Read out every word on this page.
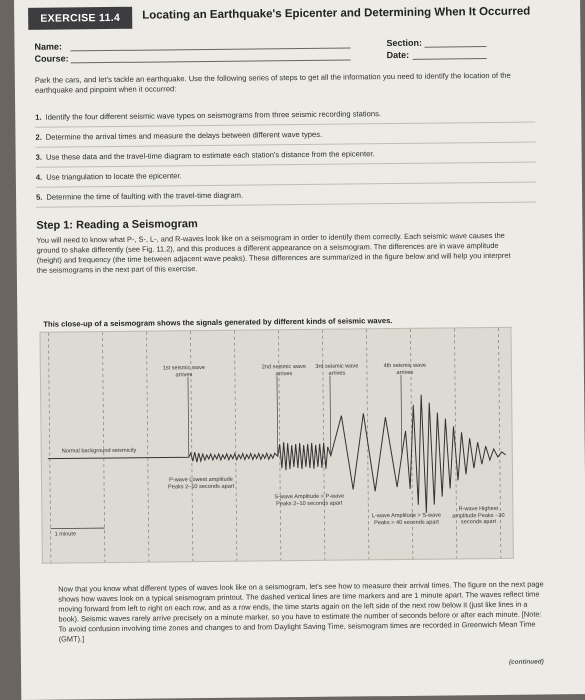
EXERCISE 11.4	Locating an Earthquake's Epicenter and Determining When It Occurred
Name:
Course:
Section:
Date:
Park the cars, and let's tackle an earthquake. Use the following series of steps to get all the information you need to identify the location of the earthquake and pinpoint when it occurred:
1. Identify the four different seismic wave types on seismograms from three seismic recording stations.
2. Determine the arrival times and measure the delays between different wave types.
3. Use these data and the travel-time diagram to estimate each station's distance from the epicenter.
4. Use triangulation to locate the epicenter.
5. Determine the time of faulting with the travel-time diagram.
Step 1: Reading a Seismogram
You will need to know what P-, S-, L-, and R-waves look like on a seismogram in order to identify them correctly. Each seismic wave causes the ground to shake differently (see Fig. 11.2), and this produces a different appearance on a seismogram. The differences are in wave amplitude (height) and frequency (the time between adjacent wave peaks). These differences are summarized in the figure below and will help you interpret the seismograms in the next part of this exercise.
This close-up of a seismogram shows the signals generated by different kinds of seismic waves.
1st seismic wave arrives
2nd seismic wave arrives
3rd seismic wave arrives
4th seismic wave arrives
Normal background seismicity
P-wave Lowest amplitude Peaks 2–10 seconds apart
S-wave Amplitude > P-wave Peaks 2–10 seconds apart
L-wave Amplitude > S-wave Peaks > 40 seconds apart
R-wave Highest amplitude Peaks ~20 seconds apart
1 minute
Now that you know what different types of waves look like on a seismogram, let's see how to measure their arrival times. The figure on the next page shows how waves look on a typical seismogram printout. The dashed vertical lines are time markers and are 1 minute apart. The waves reflect time moving forward from left to right on each row, and as a row ends, the time starts again on the left side of the next row below it (just like lines in a book). Seismic waves rarely arrive precisely on a minute marker, so you have to estimate the number of seconds before or after each minute. [Note: To avoid confusion involving time zones and changes to and from Daylight Saving Time, seismogram times are recorded in Greenwich Mean Time (GMT).]
(continued)
